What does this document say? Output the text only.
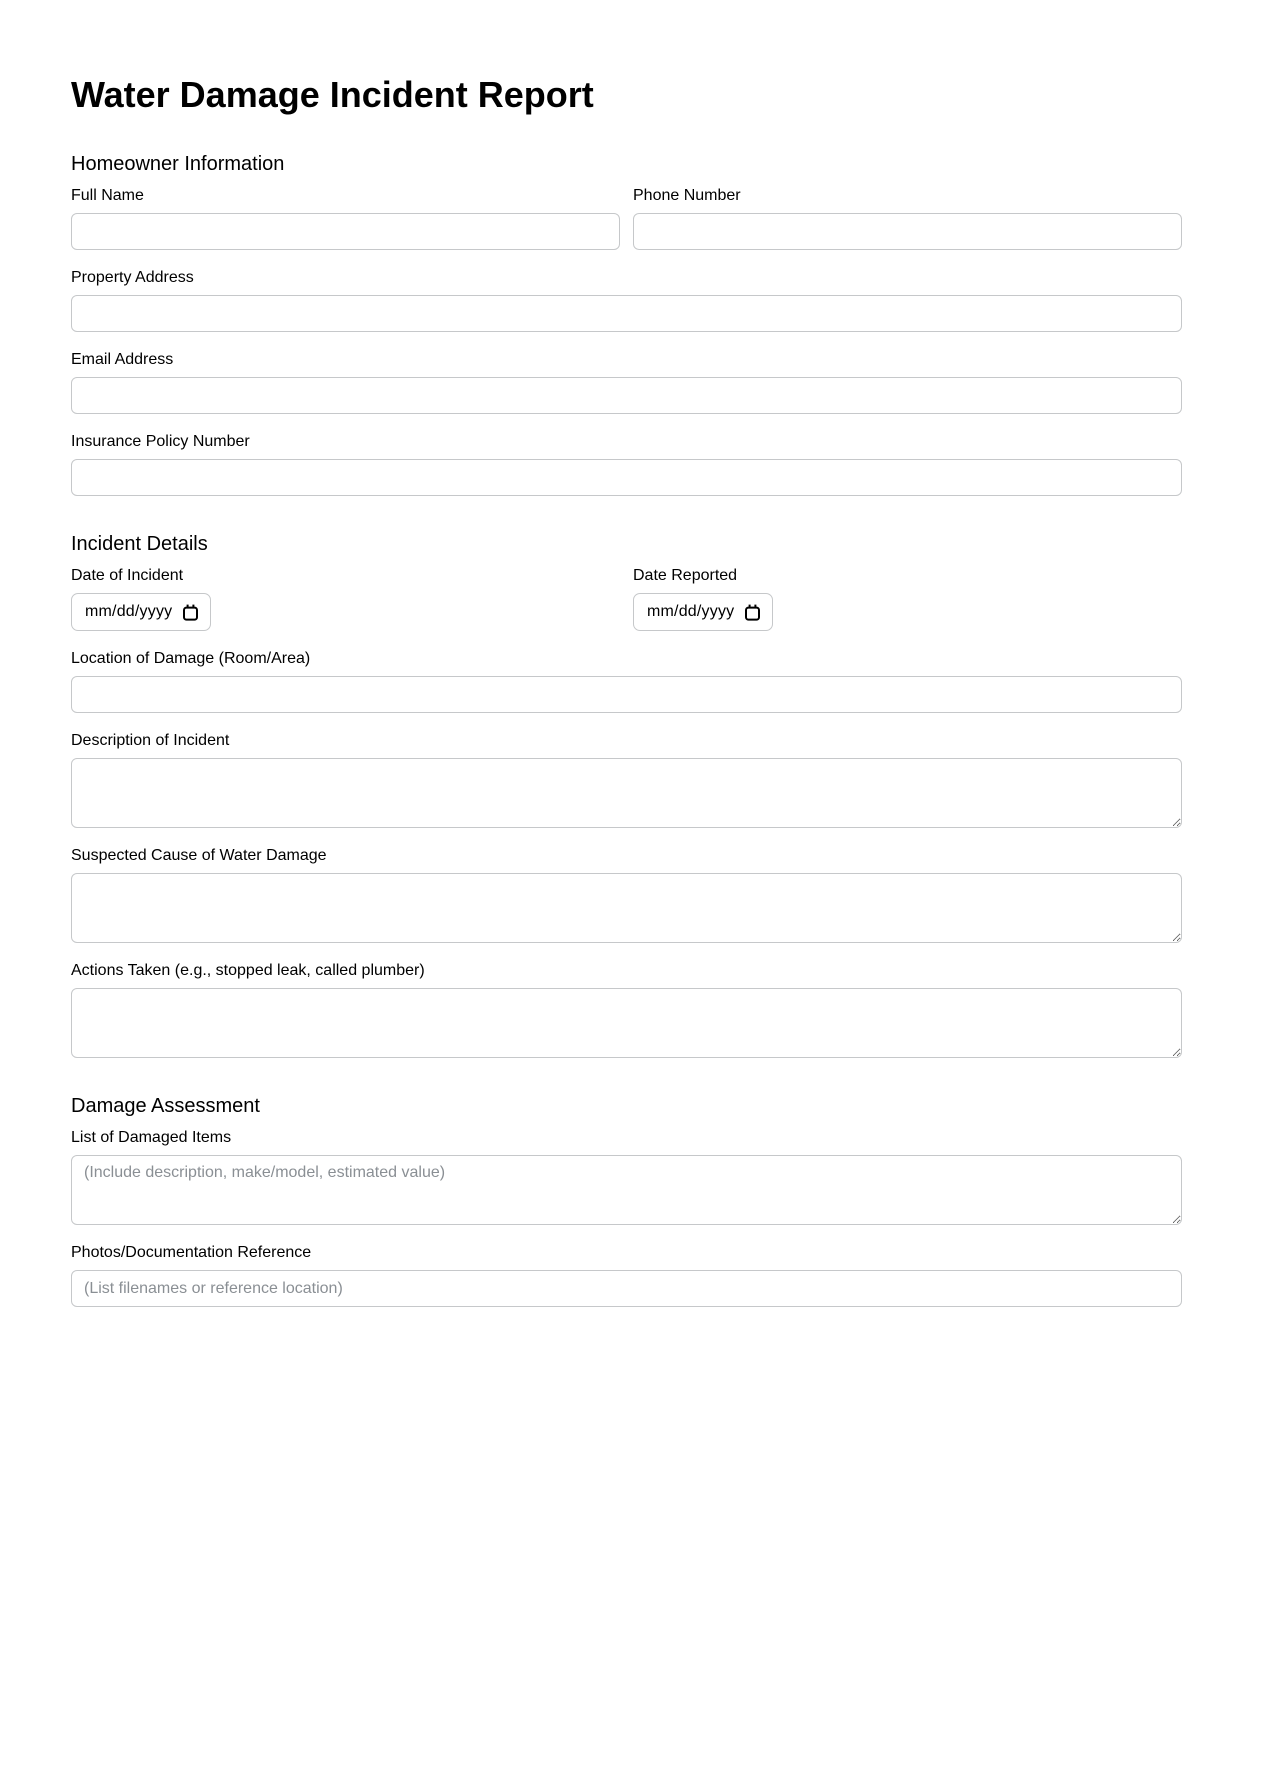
Water Damage Incident Report
Homeowner Information
Full Name	Phone Number
Property Address
Email Address
Insurance Policy Number
Incident Details
Date of Incident
mm/dd/yyyy
Date Reported
mm/dd/yyyy
Location of Damage (Room/Area)
Description of Incident
Suspected Cause of Water Damage
Actions Taken (e.g., stopped leak, called plumber)
Damage Assessment
List of Damaged Items
(Include description, make/model, estimated value)
Photos/Documentation Reference
(List filenames or reference location)
